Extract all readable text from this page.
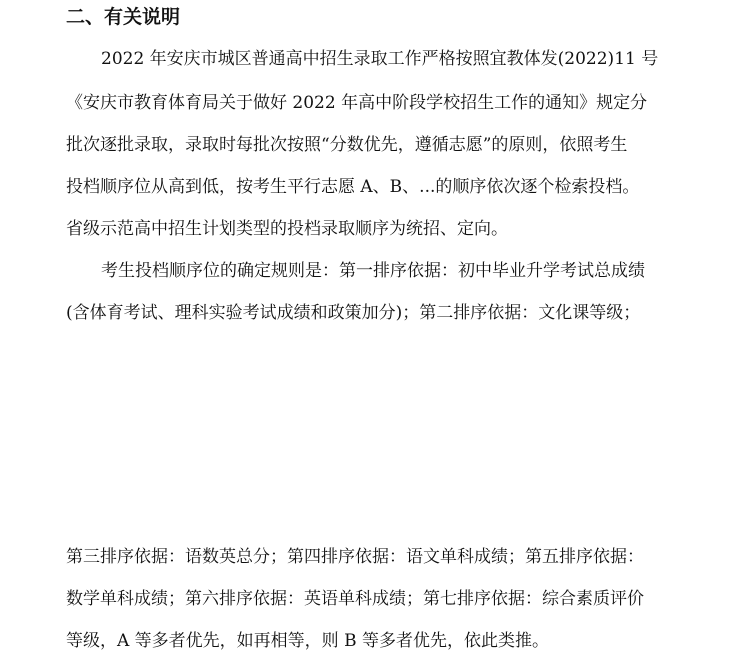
二、有关说明

2022 年安庆市城区普通高中招生录取工作严格按照宜教体发(2022)11 号

《安庆市教育体育局关于做好 2022 年高中阶段学校招生工作的通知》规定分

批次逐批录取，录取时每批次按照“分数优先，遵循志愿”的原则，依照考生

投档顺序位从高到低，按考生平行志愿 A、B、...的顺序依次逐个检索投档。

省级示范高中招生计划类型的投档录取顺序为统招、定向。

考生投档顺序位的确定规则是：第一排序依据：初中毕业升学考试总成绩

(含体育考试、理科实验考试成绩和政策加分)；第二排序依据：文化课等级；

第三排序依据：语数英总分；第四排序依据：语文单科成绩；第五排序依据：

数学单科成绩；第六排序依据：英语单科成绩；第七排序依据：综合素质评价

等级，A 等多者优先，如再相等，则 B 等多者优先，依此类推。
